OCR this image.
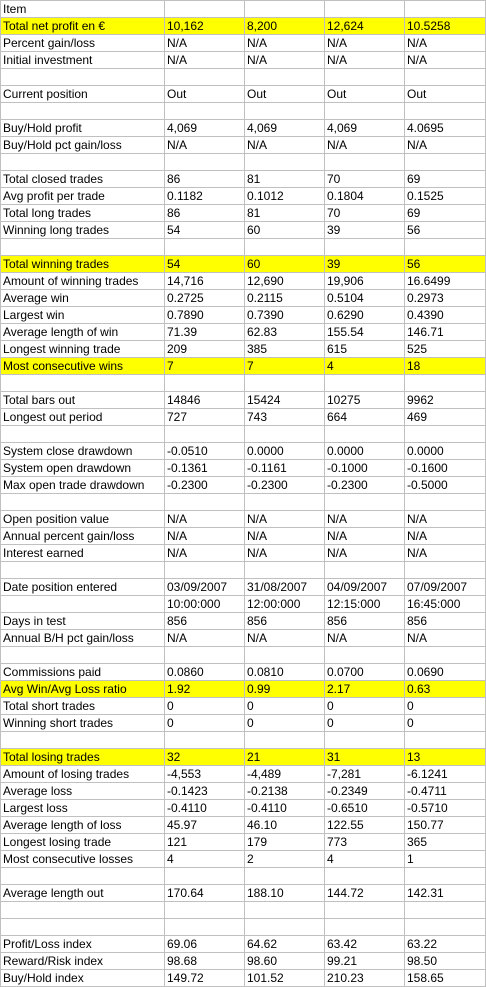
Item				
Total net profit en €	10,162	8,200	12,624	10.5258
Percent gain/loss	N/A	N/A	N/A	N/A
Initial investment	N/A	N/A	N/A	N/A

Current position	Out	Out	Out	Out

Buy/Hold profit	4,069	4,069	4,069	4.0695
Buy/Hold pct gain/loss	N/A	N/A	N/A	N/A

Total closed trades	86	81	70	69
Avg profit per trade	0.1182	0.1012	0.1804	0.1525
Total long trades	86	81	70	69
Winning long trades	54	60	39	56

Total winning trades	54	60	39	56
Amount of winning trades	14,716	12,690	19,906	16.6499
Average win	0.2725	0.2115	0.5104	0.2973
Largest win	0.7890	0.7390	0.6290	0.4390
Average length of win	71.39	62.83	155.54	146.71
Longest winning trade	209	385	615	525
Most consecutive wins	7	7	4	18

Total bars out	14846	15424	10275	9962
Longest out period	727	743	664	469

System close drawdown	-0.0510	0.0000	0.0000	0.0000
System open drawdown	-0.1361	-0.1161	-0.1000	-0.1600
Max open trade drawdown	-0.2300	-0.2300	-0.2300	-0.5000

Open position value	N/A	N/A	N/A	N/A
Annual percent gain/loss	N/A	N/A	N/A	N/A
Interest earned	N/A	N/A	N/A	N/A

Date position entered	03/09/2007	31/08/2007	04/09/2007	07/09/2007
	10:00:000	12:00:000	12:15:000	16:45:000
Days in test	856	856	856	856
Annual B/H pct gain/loss	N/A	N/A	N/A	N/A

Commissions paid	0.0860	0.0810	0.0700	0.0690
Avg Win/Avg Loss ratio	1.92	0.99	2.17	0.63
Total short trades	0	0	0	0
Winning short trades	0	0	0	0

Total losing trades	32	21	31	13
Amount of losing trades	-4,553	-4,489	-7,281	-6.1241
Average loss	-0.1423	-0.2138	-0.2349	-0.4711
Largest loss	-0.4110	-0.4110	-0.6510	-0.5710
Average length of loss	45.97	46.10	122.55	150.77
Longest losing trade	121	179	773	365
Most consecutive losses	4	2	4	1

Average length out	170.64	188.10	144.72	142.31

Profit/Loss index	69.06	64.62	63.42	63.22
Reward/Risk index	98.68	98.60	99.21	98.50
Buy/Hold index	149.72	101.52	210.23	158.65
